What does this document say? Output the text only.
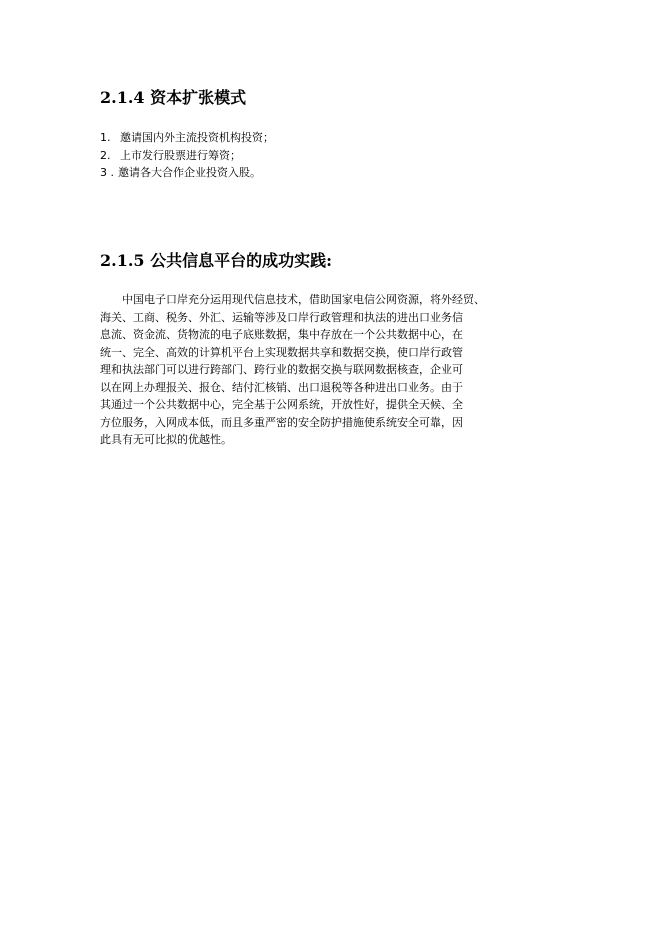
2.1.4 资本扩张模式
1. 邀请国内外主流投资机构投资；
2. 上市发行股票进行筹资；
3 . 邀请各大合作企业投资入股。
2.1.5 公共信息平台的成功实践:
　　中国电子口岸充分运用现代信息技术，借助国家电信公网资源，将外经贸、
海关、工商、税务、外汇、运输等涉及口岸行政管理和执法的进出口业务信
息流、资金流、货物流的电子底账数据，集中存放在一个公共数据中心，在
统一、完全、高效的计算机平台上实现数据共享和数据交换，使口岸行政管
理和执法部门可以进行跨部门、跨行业的数据交换与联网数据核查，企业可
以在网上办理报关、报仓、结付汇核销、出口退税等各种进出口业务。由于
其通过一个公共数据中心，完全基于公网系统，开放性好，提供全天候、全
方位服务，入网成本低，而且多重严密的安全防护措施使系统安全可靠，因
此具有无可比拟的优越性。
